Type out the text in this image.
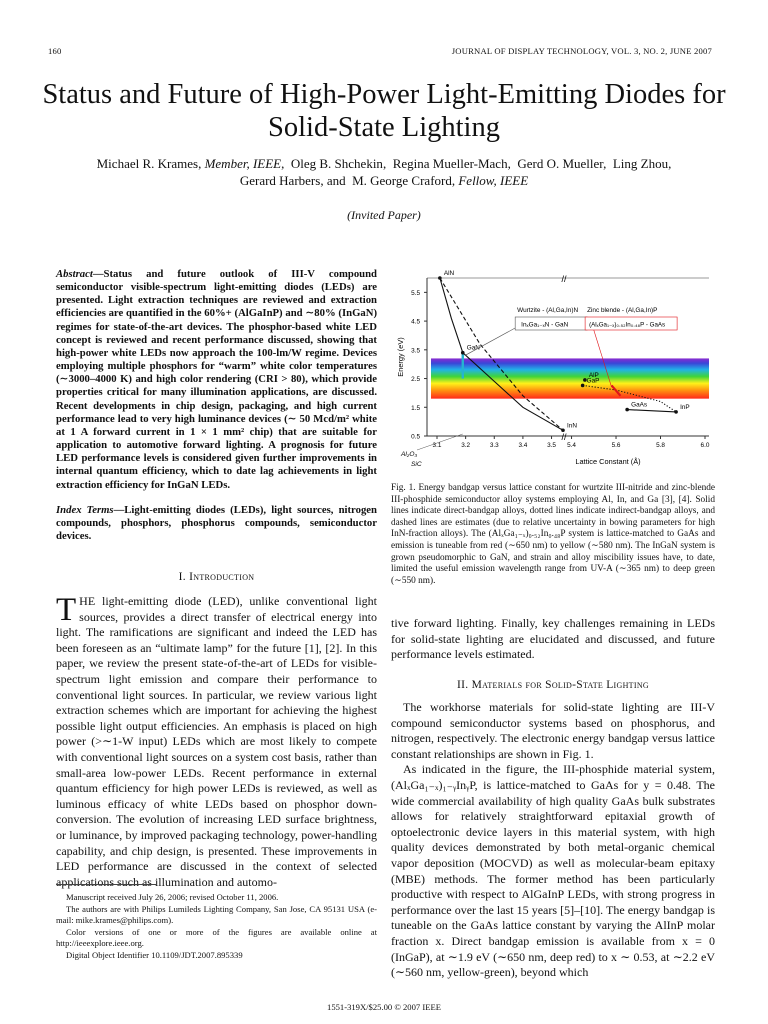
160	JOURNAL OF DISPLAY TECHNOLOGY, VOL. 3, NO. 2, JUNE 2007
Status and Future of High-Power Light-Emitting Diodes for Solid-State Lighting
Michael R. Krames, Member, IEEE,  Oleg B. Shchekin,  Regina Mueller-Mach,  Gerd O. Mueller,  Ling Zhou,
Gerard Harbers, and  M. George Craford, Fellow, IEEE
(Invited Paper)
Abstract—Status and future outlook of III-V compound semiconductor visible-spectrum light-emitting diodes (LEDs) are presented. Light extraction techniques are reviewed and extraction efficiencies are quantified in the 60%+ (AlGaInP) and ∼80% (InGaN) regimes for state-of-the-art devices. The phosphor-based white LED concept is reviewed and recent performance discussed, showing that high-power white LEDs now approach the 100-lm/W regime. Devices employing multiple phosphors for “warm” white color temperatures (∼3000–4000 K) and high color rendering (CRI > 80), which provide properties critical for many illumination applications, are discussed. Recent developments in chip design, packaging, and high current performance lead to very high luminance devices (∼ 50 Mcd/m² white at 1 A forward current in 1 × 1 mm² chip) that are suitable for application to automotive forward lighting. A prognosis for future LED performance levels is considered given further improvements in internal quantum efficiency, which to date lag achievements in light extraction efficiency for InGaN LEDs.
Index Terms—Light-emitting diodes (LEDs), light sources, nitrogen compounds, phosphors, phosphorus compounds, semiconductor devices.
I. Introduction

THE light-emitting diode (LED), unlike conventional light sources, provides a direct transfer of electrical energy into light. The ramifications are significant and indeed the LED has been foreseen as an “ultimate lamp” for the future [1], [2]. In this paper, we review the present state-of-the-art of LEDs for visible-spectrum light emission and compare their performance to conventional light sources. In particular, we review various light extraction schemes which are important for achieving the highest possible light output efficiencies. An emphasis is placed on high power (>∼1-W input) LEDs which are most likely to compete with conventional light sources on a system cost basis, rather than small-area low-power LEDs. Recent performance in external quantum efficiency for high power LEDs is reviewed, as well as luminous efficacy of white LEDs based on phosphor down-conversion. The evolution of increasing LED surface brightness, or luminance, by improved packaging technology, power-handling capability, and chip design, is presented. These improvements in LED performance are discussed in the context of selected applications such as illumination and automo-

//
//
0.5
1.5
2.5
3.5
4.5
5.5
3.1	3.2	3.3	3.4	3.5 5.4	5.6	5.8	6.0
Lattice Constant (Å)
Energy (eV)
AlN
GaN
InN
AlP
GaP
GaAs	InP
Wurtzite - (Al,Ga,In)N
InₓGa₁₋ₓN - GaN
Zinc blende - (Al,Ga,In)P
(AlₓGa₁₋ₓ)₀.₅₂In₀.₄₈P - GaAs
Al₂O₃
SiC
Fig. 1. Energy bandgap versus lattice constant for wurtzite III-nitride and zinc-blende III-phosphide semiconductor alloy systems employing Al, In, and Ga [3], [4]. Solid lines indicate direct-bandgap alloys, dotted lines indicate indirect-bandgap alloys, and dashed lines are estimates (due to relative uncertainty in bowing parameters for high InN-fraction alloys). The (AlₓGa₁₋ₓ)₀.₅₂In₀.₄₈P system is lattice-matched to GaAs and emission is tuneable from red (∼650 nm) to yellow (∼580 nm). The InGaN system is grown pseudomorphic to GaN, and strain and alloy miscibility issues have, to date, limited the useful emission wavelength range from UV-A (∼365 nm) to deep green (∼550 nm).

tive forward lighting. Finally, key challenges remaining in LEDs for solid-state lighting are elucidated and discussed, and future performance levels estimated.

II. Materials for Solid-State Lighting

The workhorse materials for solid-state lighting are III-V compound semiconductor systems based on phosphorus, and nitrogen, respectively. The electronic energy bandgap versus lattice constant relationships are shown in Fig. 1.

As indicated in the figure, the III-phosphide material system, (AlₓGa₁₋ₓ)₁₋ᵧInᵧP, is lattice-matched to GaAs for y = 0.48. The wide commercial availability of high quality GaAs bulk substrates allows for relatively straightforward epitaxial growth of optoelectronic device layers in this material system, with high quality devices demonstrated by both metal-organic chemical vapor deposition (MOCVD) as well as molecular-beam epitaxy (MBE) methods. The former method has been particularly productive with respect to AlGaInP LEDs, with strong progress in performance over the last 15 years [5]–[10]. The energy bandgap is tuneable on the GaAs lattice constant by varying the AlInP molar fraction x. Direct bandgap emission is available from x = 0 (InGaP), at ∼1.9 eV (∼650 nm, deep red) to x ∼ 0.53, at ∼2.2 eV (∼560 nm, yellow-green), beyond which

Manuscript received July 26, 2006; revised October 11, 2006.

The authors are with Philips Lumileds Lighting Company, San Jose, CA 95131 USA (e-mail: mike.krames@philips.com).

Color versions of one or more of the figures are available online at http://ieeexplore.ieee.org.

Digital Object Identifier 10.1109/JDT.2007.895339

1551-319X/$25.00 © 2007 IEEE
